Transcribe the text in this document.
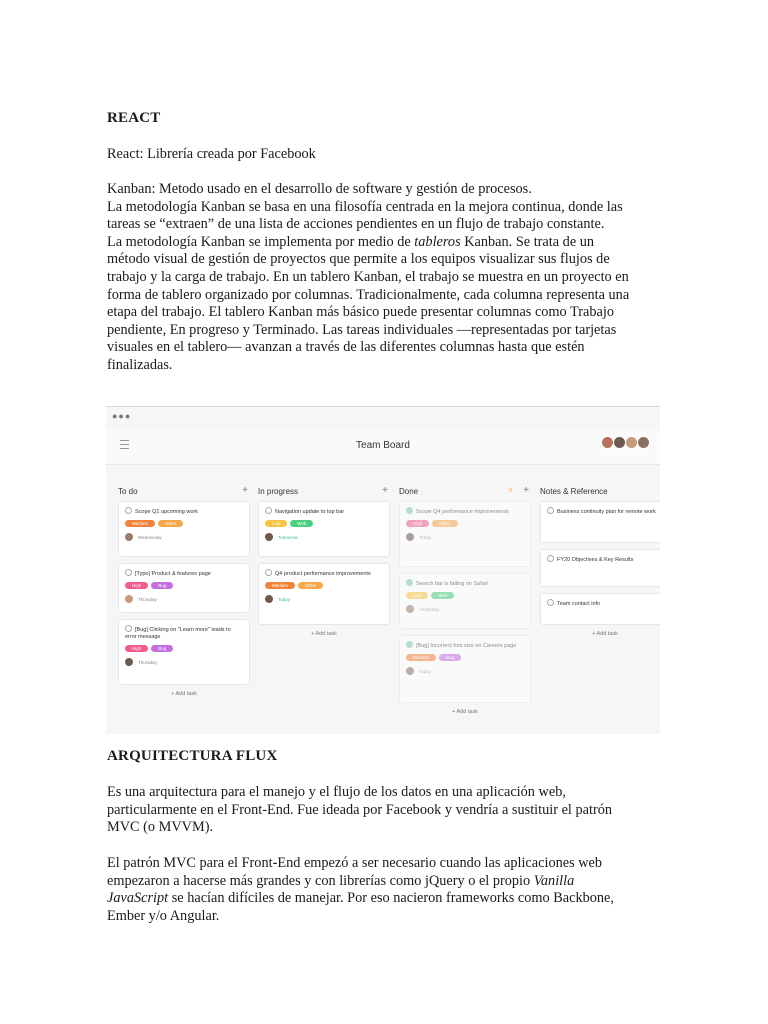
REACT

React: Librería creada por Facebook

Kanban: Metodo usado en el desarrollo de software y gestión de procesos.
La metodología Kanban se basa en una filosofía centrada en la mejora continua, donde las
tareas se “extraen” de una lista de acciones pendientes en un flujo de trabajo constante.
La metodología Kanban se implementa por medio de tableros Kanban. Se trata de un
método visual de gestión de proyectos que permite a los equipos visualizar sus flujos de
trabajo y la carga de trabajo. En un tablero Kanban, el trabajo se muestra en un proyecto en
forma de tablero organizado por columnas. Tradicionalmente, cada columna representa una
etapa del trabajo. El tablero Kanban más básico puede presentar columnas como Trabajo
pendiente, En progreso y Terminado. Las tareas individuales —representadas por tarjetas
visuales en el tablero— avanzan a través de las diferentes columnas hasta que estén
finalizadas.

ARQUITECTURA FLUX

Es una arquitectura para el manejo y el flujo de los datos en una aplicación web,
particularmente en el Front-End. Fue ideada por Facebook y vendría a sustituir el patrón
MVC (o MVVM).

El patrón MVC para el Front-End empezó a ser necesario cuando las aplicaciones web
empezaron a hacerse más grandes y con librerías como jQuery o el propio Vanilla
JavaScript se hacían difíciles de manejar. Por eso nacieron frameworks como Backbone,
Ember y/o Angular.

●●●
Team Board
To do	+
Scope Q1 upcoming work
Medium	Other
Wednesday
[Typo] Product & features page
High	Bug
Thursday
[Bug] Clicking on "Learn more" leads to error message
High	Bug
Thursday
+ Add task
In progress	+
Navigation update to top bar
Low	Web
Tomorrow
Q4 product performance improvements
Medium	Other
Today
+ Add task
Done	⚡ +
Scope Q4 performance improvements
High	Other
Today
Search bar is failing on Safari
Low	Web
Yesterday
[Bug] Incorrect font size on Careers page
Medium	Bug
Today
+ Add task
Notes & Reference
Business continuity plan for remote work
FY20 Objectives & Key Results
Team contact info
+ Add task
